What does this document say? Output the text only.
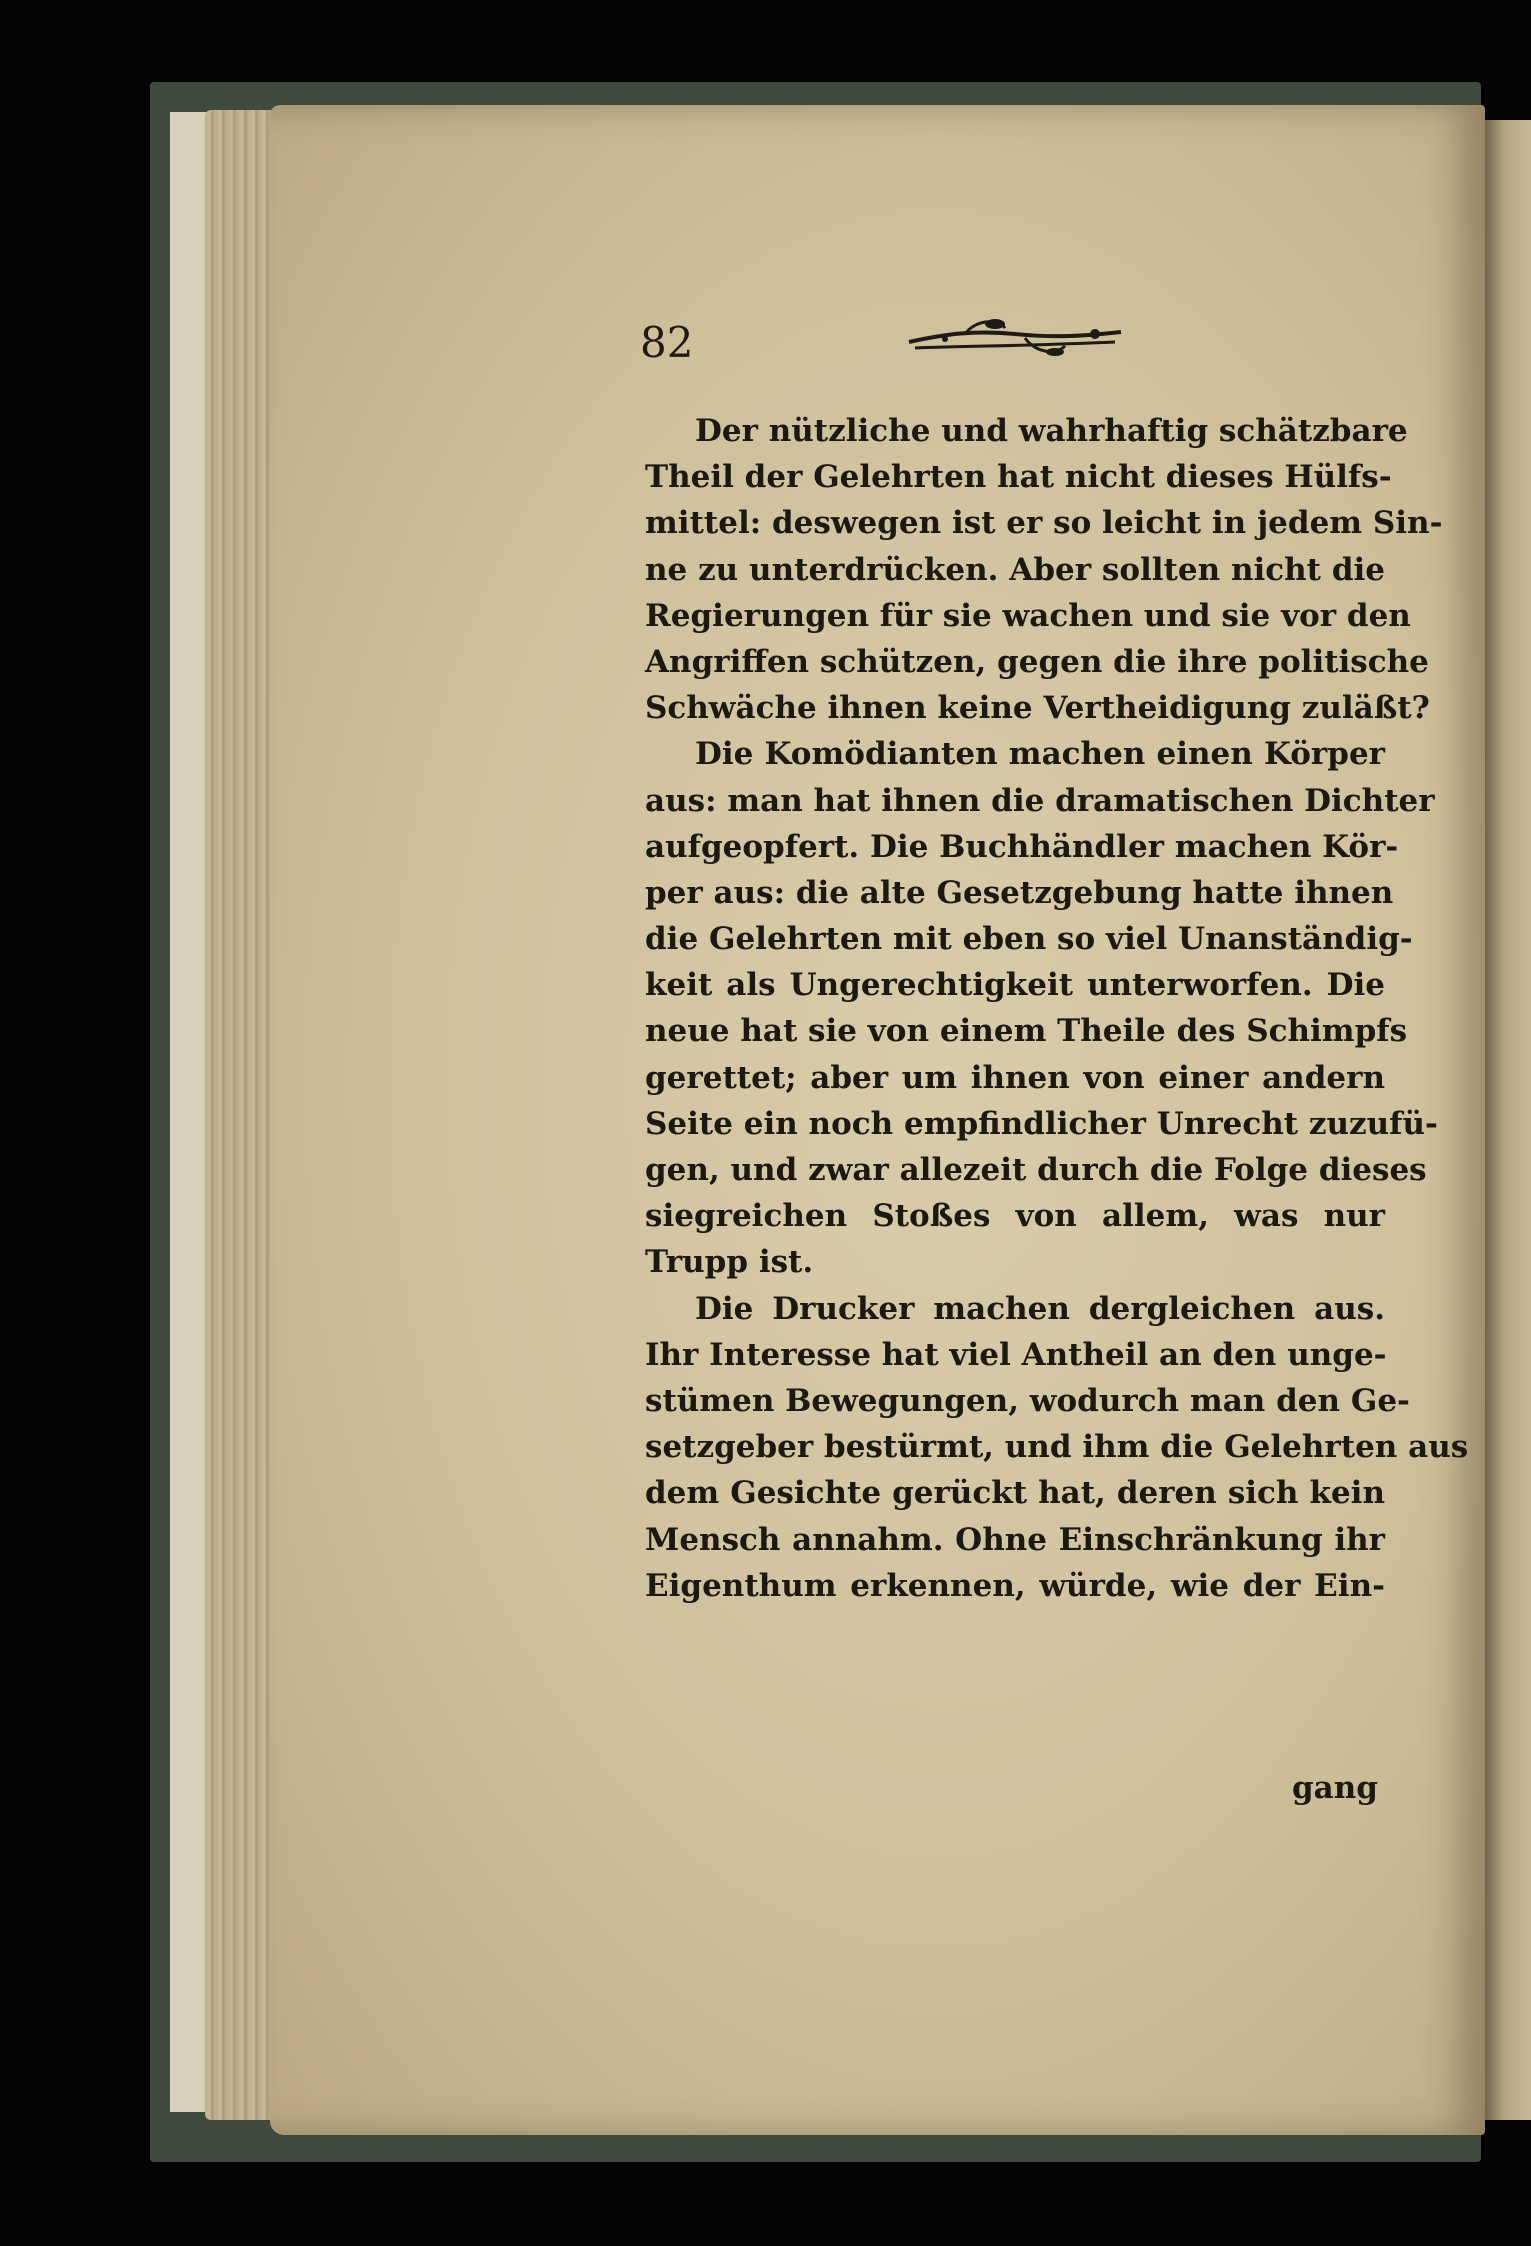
82
Der nützliche und wahrhaftig schätzbare
Theil der Gelehrten hat nicht dieses Hülfs-
mittel: deswegen ist er so leicht in jedem Sin-
ne zu unterdrücken. Aber sollten nicht die
Regierungen für sie wachen und sie vor den
Angriffen schützen, gegen die ihre politische
Schwäche ihnen keine Vertheidigung zuläßt?
Die Komödianten machen einen Körper
aus: man hat ihnen die dramatischen Dichter
aufgeopfert. Die Buchhändler machen Kör-
per aus: die alte Gesetzgebung hatte ihnen
die Gelehrten mit eben so viel Unanständig-
keit als Ungerechtigkeit unterworfen. Die
neue hat sie von einem Theile des Schimpfs
gerettet; aber um ihnen von einer andern
Seite ein noch empfindlicher Unrecht zuzufü-
gen, und zwar allezeit durch die Folge dieses
siegreichen Stoßes von allem, was nur
Trupp ist.
Die Drucker machen dergleichen aus.
Ihr Interesse hat viel Antheil an den unge-
stümen Bewegungen, wodurch man den Ge-
setzgeber bestürmt, und ihm die Gelehrten aus
dem Gesichte gerückt hat, deren sich kein
Mensch annahm. Ohne Einschränkung ihr
Eigenthum erkennen, würde, wie der Ein-
gang
